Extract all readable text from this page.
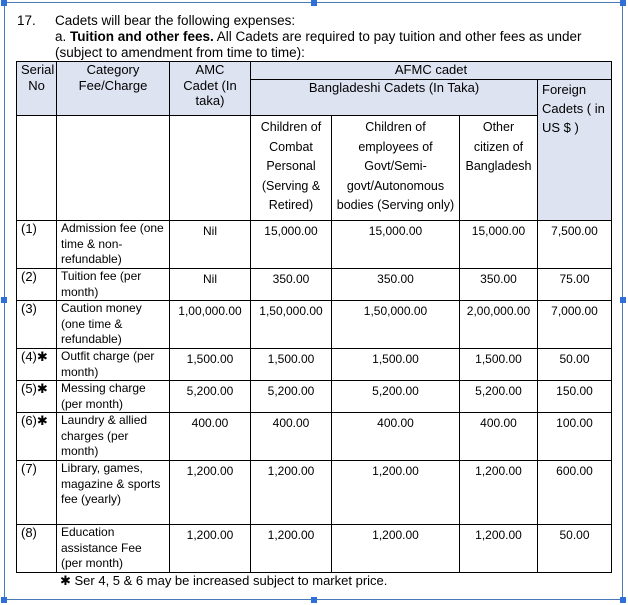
17. Cadets will bear the following expenses:
a. Tuition and other fees. All Cadets are required to pay tuition and other fees as under (subject to amendment from time to time):
Serial No	Category Fee/Charge	AMC Cadet (In taka)	AFMC cadet			
			Bangladeshi Cadets (In Taka)			Foreign Cadets ( in US $ )
			Children of Combat Personal (Serving & Retired)	Children of employees of Govt/Semi-govt/Autonomous bodies (Serving only)	Other citizen of Bangladesh	
(1)	Admission fee (one time & non-refundable)	Nil	15,000.00	15,000.00	15,000.00	7,500.00
(2)	Tuition fee (per month)	Nil	350.00	350.00	350.00	75.00
(3)	Caution money (one time & refundable)	1,00,000.00	1,50,000.00	1,50,000.00	2,00,000.00	7,000.00
(4)✱	Outfit charge (per month)	1,500.00	1,500.00	1,500.00	1,500.00	50.00
(5)✱	Messing charge (per month)	5,200.00	5,200.00	5,200.00	5,200.00	150.00
(6)✱	Laundry & allied charges (per month)	400.00	400.00	400.00	400.00	100.00
(7)	Library, games, magazine & sports fee (yearly)	1,200.00	1,200.00	1,200.00	1,200.00	600.00
(8)	Education assistance Fee (per month)	1,200.00	1,200.00	1,200.00	1,200.00	50.00
✱ Ser 4, 5 & 6 may be increased subject to market price.
